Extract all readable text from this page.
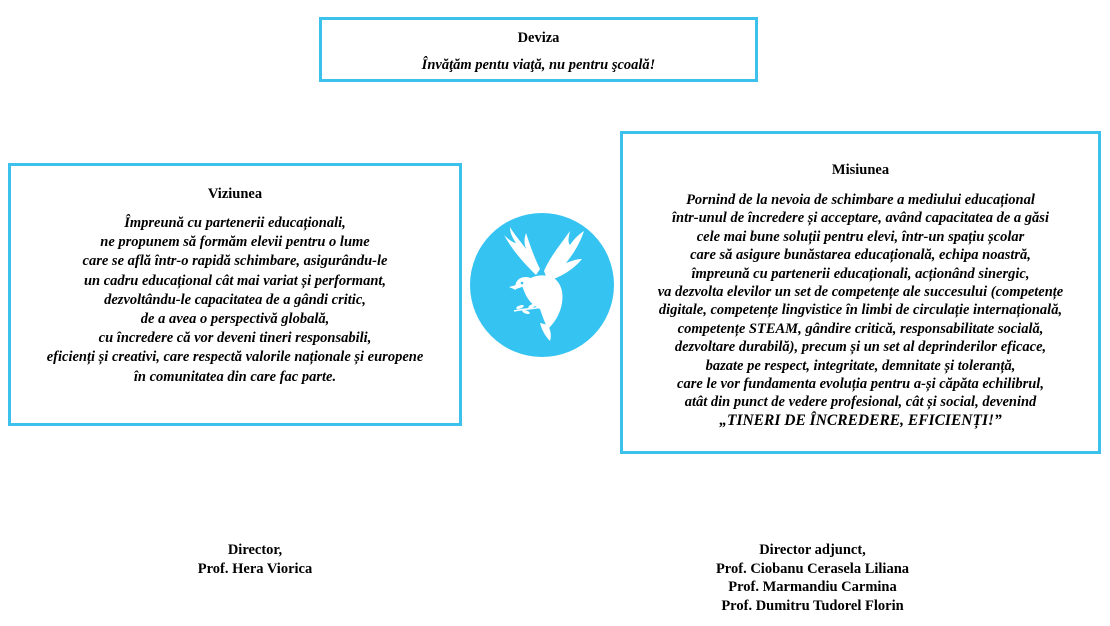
Deviza
Învăţăm pentu viaţă, nu pentru şcoală!
Viziunea
Împreună cu partenerii educaționali,
ne propunem să formăm elevii pentru o lume
care se află într-o rapidă schimbare, asigurându-le
un cadru educațional cât mai variat și performant,
dezvoltându-le capacitatea de a gândi critic,
de a avea o perspectivă globală,
cu încredere că vor deveni tineri responsabili,
eficienți și creativi, care respectă valorile naționale și europene
în comunitatea din care fac parte.
Misiunea
Pornind de la nevoia de schimbare a mediului educațional
într-unul de încredere și acceptare, având capacitatea de a găsi
cele mai bune soluții pentru elevi, într-un spațiu școlar
care să asigure bunăstarea educațională, echipa noastră,
împreună cu partenerii educaționali, acționând sinergic,
va dezvolta elevilor un set de competențe ale succesului (competențe
digitale, competențe lingvistice în limbi de circulație internațională,
competențe STEAM, gândire critică, responsabilitate socială,
dezvoltare durabilă), precum și un set al deprinderilor eficace,
bazate pe respect, integritate, demnitate și toleranță,
care le vor fundamenta evoluția pentru a-și căpăta echilibrul,
atât din punct de vedere profesional, cât și social, devenind
„TINERI DE ÎNCREDERE, EFICIENȚI!”
Director,
Prof. Hera Viorica
Director adjunct,
Prof. Ciobanu Cerasela Liliana
Prof. Marmandiu Carmina
Prof. Dumitru Tudorel Florin
